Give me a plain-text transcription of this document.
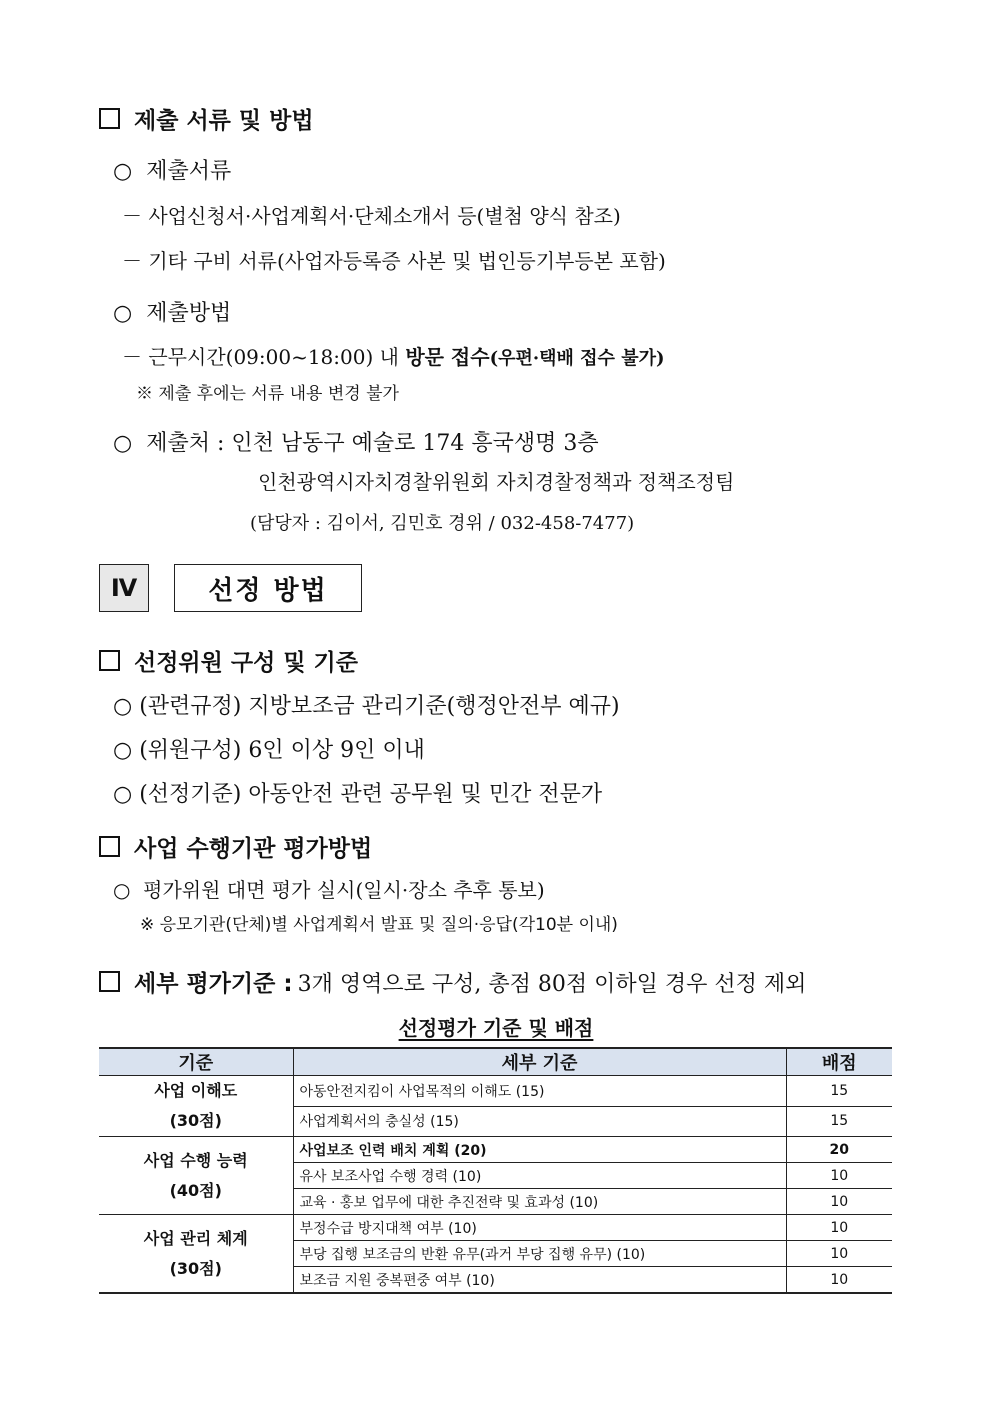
제출 서류 및 방법
○ 제출서류
－ 사업신청서·사업계획서·단체소개서 등(별첨 양식 참조)
－ 기타 구비 서류(사업자등록증 사본 및 법인등기부등본 포함)
○ 제출방법
－ 근무시간(09:00~18:00) 내 방문 접수(우편·택배 접수 불가)
※ 제출 후에는 서류 내용 변경 불가
○ 제출처 : 인천 남동구 예술로 174 흥국생명 3층
인천광역시자치경찰위원회 자치경찰정책과 정책조정팀
(담당자 : 김이서, 김민호 경위 / 032-458-7477)
Ⅳ	선정 방법
선정위원 구성 및 기준
○ (관련규정) 지방보조금 관리기준(행정안전부 예규)
○ (위원구성) 6인 이상 9인 이내
○ (선정기준) 아동안전 관련 공무원 및 민간 전문가
사업 수행기관 평가방법
○ 평가위원 대면 평가 실시(일시·장소 추후 통보)
※ 응모기관(단체)별 사업계획서 발표 및 질의·응답(각10분 이내)
세부 평가기준 : 3개 영역으로 구성, 총점 80점 이하일 경우 선정 제외
선정평가 기준 및 배점
기준	세부 기준	배점

사업 이해도
(30점)	아동안전지킴이 사업목적의 이해도 (15)	15
	사업계획서의 충실성 (15)	15

사업 수행 능력
(40점)	사업보조 인력 배치 계획 (20)	20
	유사 보조사업 수행 경력 (10)	10
	교육 · 홍보 업무에 대한 추진전략 및 효과성 (10)	10

사업 관리 체계
(30점)	부정수급 방지대책 여부 (10)	10
	부당 집행 보조금의 반환 유무(과거 부당 집행 유무) (10)	10
	보조금 지원 중복편중 여부 (10)	10
